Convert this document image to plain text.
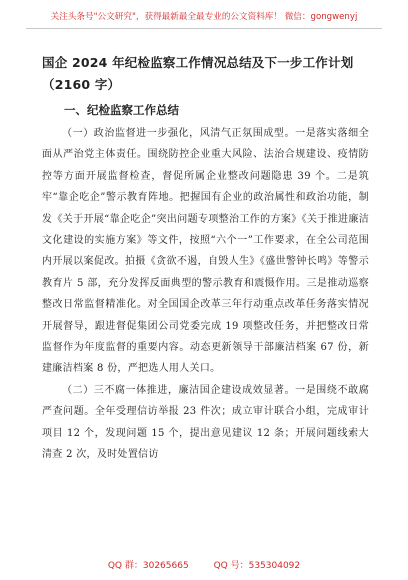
关注头条号"公文研究"，获得最新最全最专业的公文资料库！ 微信：gongwenyj

国企 2024 年纪检监察工作情况总结及下一步工作计划

（2160 字）

一、纪检监察工作总结

（一）政治监督进一步强化，风清气正氛围成型。一是落实落细全面从严治党主体责任。围绕防控企业重大风险、法治合规建设、疫情防控等方面开展监督检查，督促所属企业整改问题隐患 39 个。二是筑牢“靠企吃企”警示教育阵地。把握国有企业的政治属性和政治功能，制发《关于开展“靠企吃企”突出问题专项整治工作的方案》《关于推进廉洁文化建设的实施方案》等文件，按照“六个一”工作要求，在全公司范围内开展以案促改。拍摄《贪欲不遏，自毁人生》《盛世警钟长鸣》等警示教育片 5 部，充分发挥反面典型的警示教育和震慑作用。三是推动巡察整改日常监督精准化。对全国国企改革三年行动重点改革任务落实情况开展督导，跟进督促集团公司党委完成 19 项整改任务，并把整改日常监督作为年度监督的重要内容。动态更新领导干部廉洁档案 67 份，新建廉洁档案 8 份，严把选人用人关口。

（二）三不腐一体推进，廉洁国企建设成效显著。一是围绕不敢腐严查问题。全年受理信访举报 23 件次；成立审计联合小组，完成审计项目 12 个，发现问题 15 个，提出意见建议 12 条；开展问题线索大清查 2 次，及时处置信访

QQ 群：30265665	QQ 号：535304092
